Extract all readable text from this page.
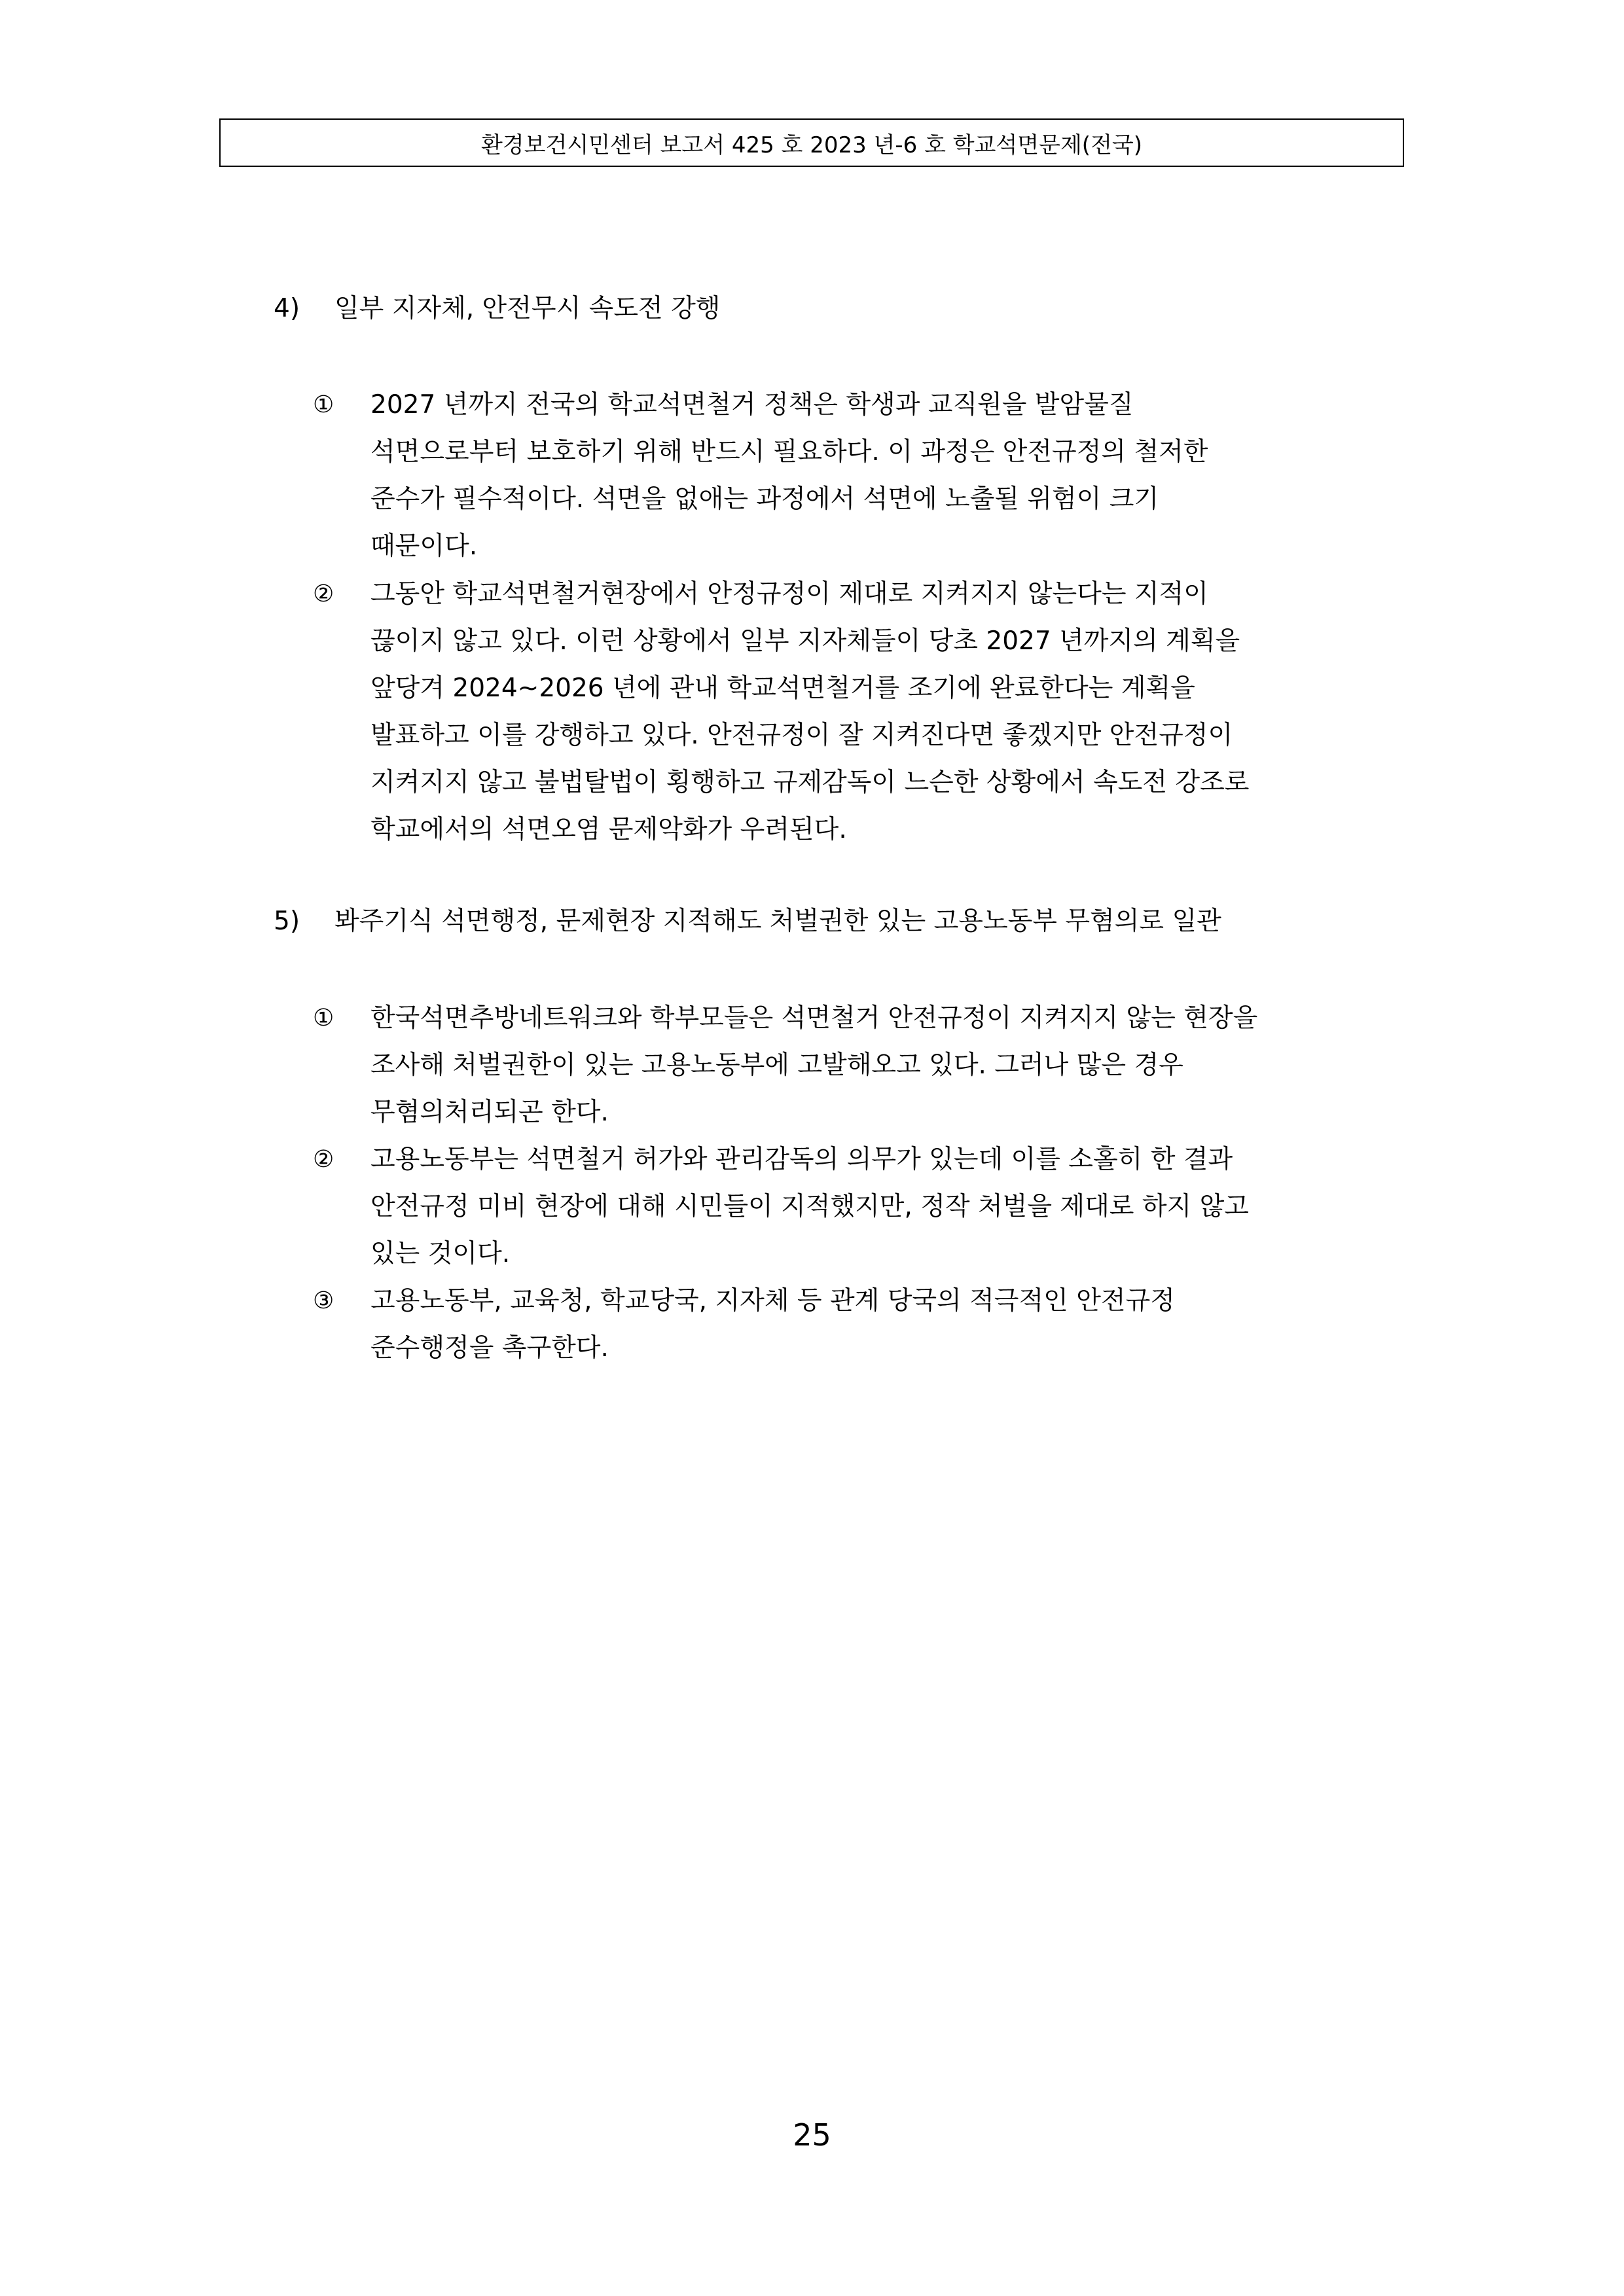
환경보건시민센터 보고서 425 호 2023 년-6 호 학교석면문제(전국)
4) 일부 지자체, 안전무시 속도전 강행
①	2027 년까지 전국의 학교석면철거 정책은 학생과 교직원을 발암물질
석면으로부터 보호하기 위해 반드시 필요하다. 이 과정은 안전규정의 철저한
준수가 필수적이다. 석면을 없애는 과정에서 석면에 노출될 위험이 크기
때문이다.
②	그동안 학교석면철거현장에서 안정규정이 제대로 지켜지지 않는다는 지적이
끊이지 않고 있다. 이런 상황에서 일부 지자체들이 당초 2027 년까지의 계획을
앞당겨 2024~2026 년에 관내 학교석면철거를 조기에 완료한다는 계획을
발표하고 이를 강행하고 있다. 안전규정이 잘 지켜진다면 좋겠지만 안전규정이
지켜지지 않고 불법탈법이 횡행하고 규제감독이 느슨한 상황에서 속도전 강조로
학교에서의 석면오염 문제악화가 우려된다.
5) 봐주기식 석면행정, 문제현장 지적해도 처벌권한 있는 고용노동부 무혐의로 일관
①	한국석면추방네트워크와 학부모들은 석면철거 안전규정이 지켜지지 않는 현장을
조사해 처벌권한이 있는 고용노동부에 고발해오고 있다. 그러나 많은 경우
무혐의처리되곤 한다.
②	고용노동부는 석면철거 허가와 관리감독의 의무가 있는데 이를 소홀히 한 결과
안전규정 미비 현장에 대해 시민들이 지적했지만, 정작 처벌을 제대로 하지 않고
있는 것이다.
③	고용노동부, 교육청, 학교당국, 지자체 등 관계 당국의 적극적인 안전규정
준수행정을 촉구한다.
25
